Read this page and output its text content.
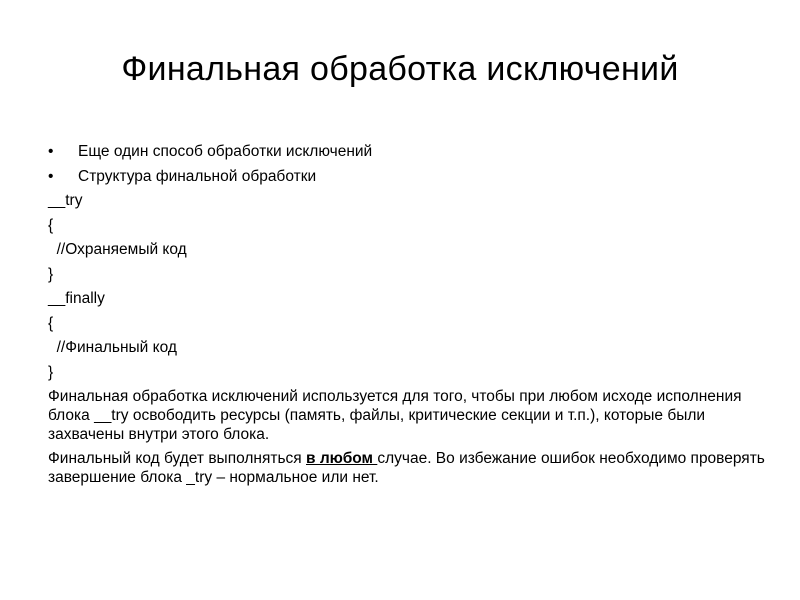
Финальная обработка исключений
•	Еще один способ обработки исключений
•	Структура финальной обработки
__try
{
//Охраняемый код
}
__finally
{
//Финальный код
}
Финальная обработка исключений используется для того, чтобы при любом исходе исполнения блока __try освободить ресурсы (память, файлы, критические секции и т.п.), которые были захвачены внутри этого блока.
Финальный код будет выполняться в любом случае. Во избежание ошибок необходимо проверять завершение блока _try – нормальное или нет.
